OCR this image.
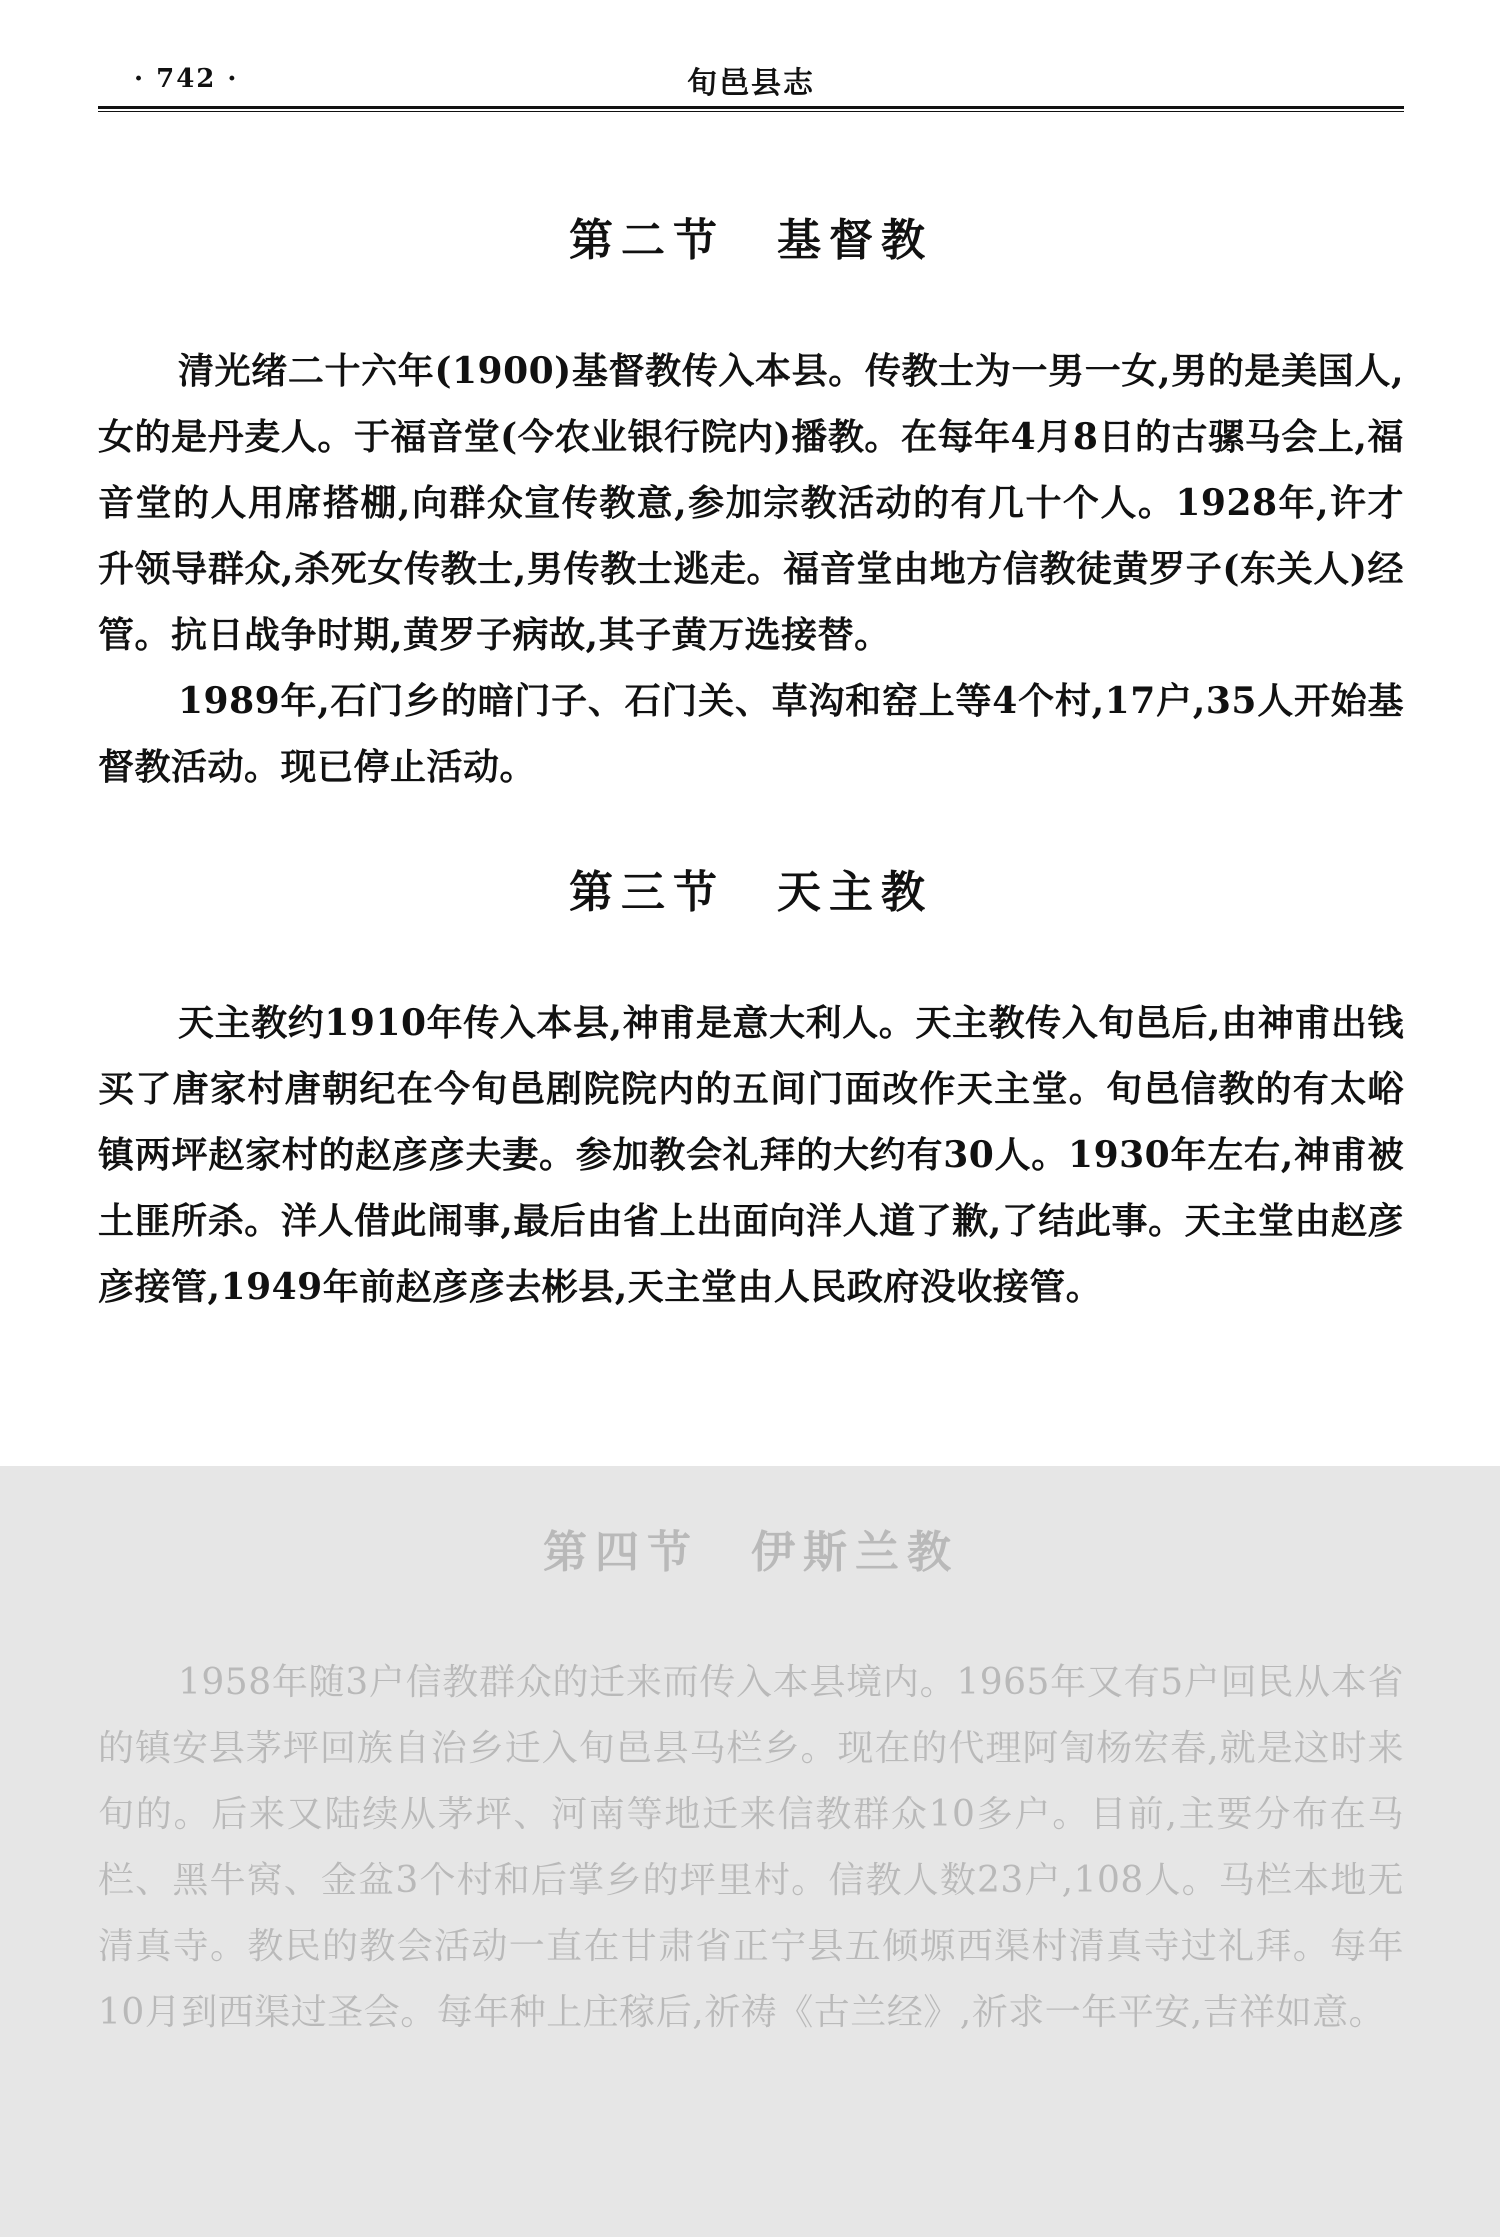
· 742 ·	旬邑县志
第二节 基督教

清光绪二十六年(1900)基督教传入本县。传教士为一男一女,男的是美国人,女的是丹麦人。于福音堂(今农业银行院内)播教。在每年4月8日的古骡马会上,福音堂的人用席搭棚,向群众宣传教意,参加宗教活动的有几十个人。1928年,许才升领导群众,杀死女传教士,男传教士逃走。福音堂由地方信教徒黄罗子(东关人)经管。抗日战争时期,黄罗子病故,其子黄万选接替。

1989年,石门乡的暗门子、石门关、草沟和窑上等4个村,17户,35人开始基督教活动。现已停止活动。

第三节 天主教

天主教约1910年传入本县,神甫是意大利人。天主教传入旬邑后,由神甫出钱买了唐家村唐朝纪在今旬邑剧院院内的五间门面改作天主堂。旬邑信教的有太峪镇两坪赵家村的赵彦彦夫妻。参加教会礼拜的大约有30人。1930年左右,神甫被土匪所杀。洋人借此闹事,最后由省上出面向洋人道了歉,了结此事。天主堂由赵彦彦接管,1949年前赵彦彦去彬县,天主堂由人民政府没收接管。

第四节 伊斯兰教

1958年随3户信教群众的迁来而传入本县境内。1965年又有5户回民从本省的镇安县茅坪回族自治乡迁入旬邑县马栏乡。现在的代理阿訇杨宏春,就是这时来旬的。后来又陆续从茅坪、河南等地迁来信教群众10多户。目前,主要分布在马栏、黑牛窝、金盆3个村和后掌乡的坪里村。信教人数23户,108人。马栏本地无清真寺。教民的教会活动一直在甘肃省正宁县五倾塬西渠村清真寺过礼拜。每年10月到西渠过圣会。每年种上庄稼后,祈祷《古兰经》,祈求一年平安,吉祥如意。
